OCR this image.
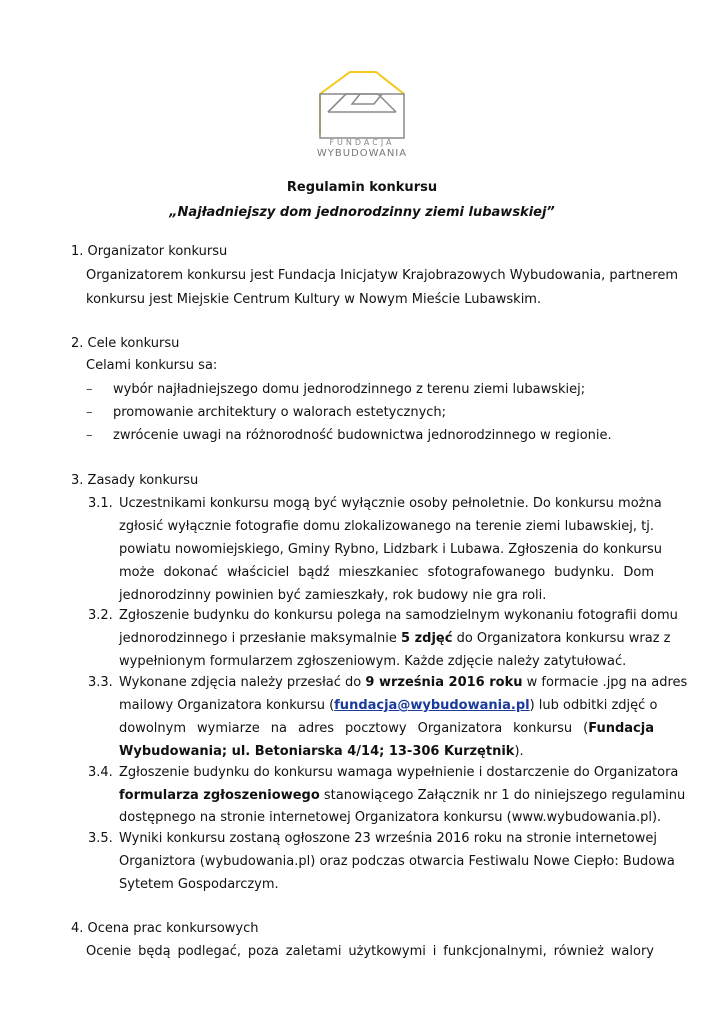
FUNDACJA
WYBUDOWANIA
Regulamin konkursu
„Najładniejszy dom jednorodzinny ziemi lubawskiej”
1. Organizator konkursu
Organizatorem konkursu jest Fundacja Inicjatyw Krajobrazowych Wybudowania, partnerem
konkursu jest Miejskie Centrum Kultury w Nowym Mieście Lubawskim.
2. Cele konkursu
Celami konkursu sa:
– wybór najładniejszego domu jednorodzinnego z terenu ziemi lubawskiej;
– promowanie architektury o walorach estetycznych;
– zwrócenie uwagi na różnorodność budownictwa jednorodzinnego w regionie.
3. Zasady konkursu
3.1. Uczestnikami konkursu mogą być wyłącznie osoby pełnoletnie. Do konkursu można
zgłosić wyłącznie fotografie domu zlokalizowanego na terenie ziemi lubawskiej, tj.
powiatu nowomiejskiego, Gminy Rybno, Lidzbark i Lubawa. Zgłoszenia do konkursu
może dokonać właściciel bądź mieszkaniec sfotografowanego budynku. Dom
jednorodzinny powinien być zamieszkały, rok budowy nie gra roli.
3.2. Zgłoszenie budynku do konkursu polega na samodzielnym wykonaniu fotografii domu
jednorodzinnego i przesłanie maksymalnie 5 zdjęć do Organizatora konkursu wraz z
wypełnionym formularzem zgłoszeniowym. Każde zdjęcie należy zatytułować.
3.3. Wykonane zdjęcia należy przesłać do 9 września 2016 roku w formacie .jpg na adres
mailowy Organizatora konkursu (fundacja@wybudowania.pl) lub odbitki zdjęć o
dowolnym wymiarze na adres pocztowy Organizatora konkursu (Fundacja
Wybudowania; ul. Betoniarska 4/14; 13-306 Kurzętnik).
3.4. Zgłoszenie budynku do konkursu wamaga wypełnienie i dostarczenie do Organizatora
formularza zgłoszeniowego stanowiącego Załącznik nr 1 do niniejszego regulaminu
dostępnego na stronie internetowej Organizatora konkursu (www.wybudowania.pl).
3.5. Wyniki konkursu zostaną ogłoszone 23 września 2016 roku na stronie internetowej
Organiztora (wybudowania.pl) oraz podczas otwarcia Festiwalu Nowe Ciepło: Budowa
Sytetem Gospodarczym.
4. Ocena prac konkursowych
Ocenie będą podlegać, poza zaletami użytkowymi i funkcjonalnymi, również walory
